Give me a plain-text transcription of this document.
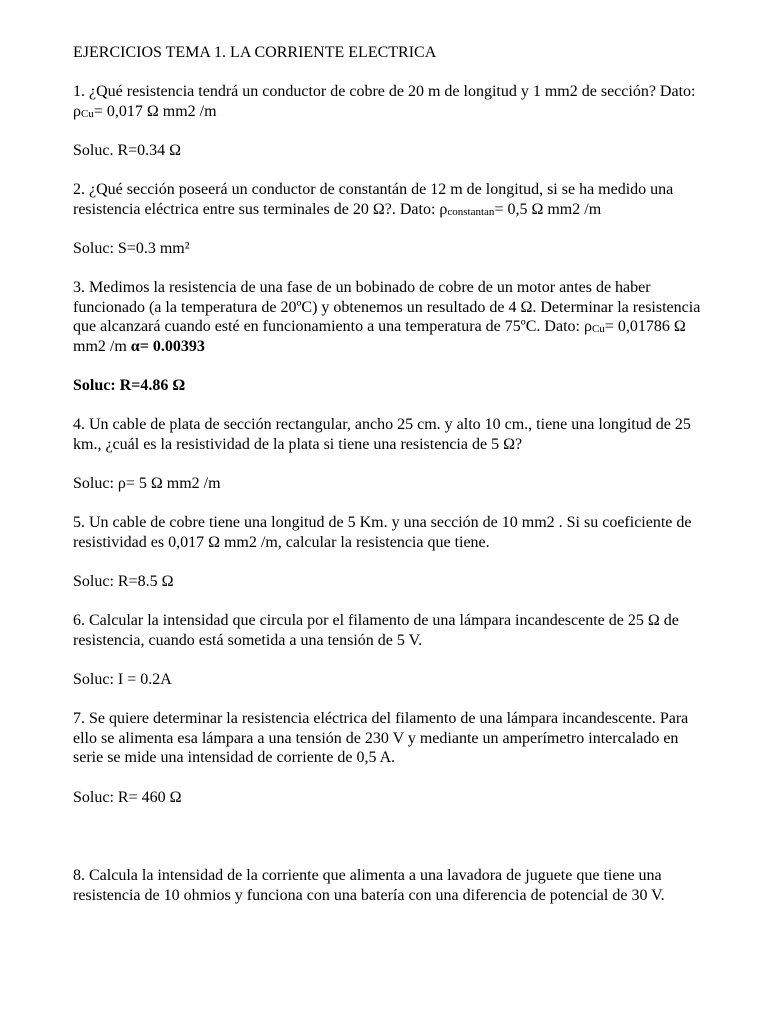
EJERCICIOS TEMA 1. LA CORRIENTE ELECTRICA
1. ¿Qué resistencia tendrá un conductor de cobre de 20 m de longitud y 1 mm2 de sección? Dato: ρCu= 0,017 Ω mm2 /m
Soluc. R=0.34 Ω
2. ¿Qué sección poseerá un conductor de constantán de 12 m de longitud, si se ha medido una resistencia eléctrica entre sus terminales de 20 Ω?. Dato: ρconstantan= 0,5 Ω mm2 /m
Soluc: S=0.3 mm²
3. Medimos la resistencia de una fase de un bobinado de cobre de un motor antes de haber funcionado (a la temperatura de 20ºC) y obtenemos un resultado de 4 Ω. Determinar la resistencia que alcanzará cuando esté en funcionamiento a una temperatura de 75ºC. Dato: ρCu= 0,01786 Ω mm2 /m α= 0.00393
Soluc: R=4.86 Ω
4. Un cable de plata de sección rectangular, ancho 25 cm. y alto 10 cm., tiene una longitud de 25 km., ¿cuál es la resistividad de la plata si tiene una resistencia de 5 Ω?
Soluc: ρ= 5 Ω mm2 /m
5. Un cable de cobre tiene una longitud de 5 Km. y una sección de 10 mm2 . Si su coeficiente de resistividad es 0,017 Ω mm2 /m, calcular la resistencia que tiene.
Soluc: R=8.5 Ω
6. Calcular la intensidad que circula por el filamento de una lámpara incandescente de 25 Ω de resistencia, cuando está sometida a una tensión de 5 V.
Soluc: I = 0.2A
7. Se quiere determinar la resistencia eléctrica del filamento de una lámpara incandescente. Para ello se alimenta esa lámpara a una tensión de 230 V y mediante un amperímetro intercalado en serie se mide una intensidad de corriente de 0,5 A.
Soluc: R= 460 Ω
8. Calcula la intensidad de la corriente que alimenta a una lavadora de juguete que tiene una resistencia de 10 ohmios y funciona con una batería con una diferencia de potencial de 30 V.
